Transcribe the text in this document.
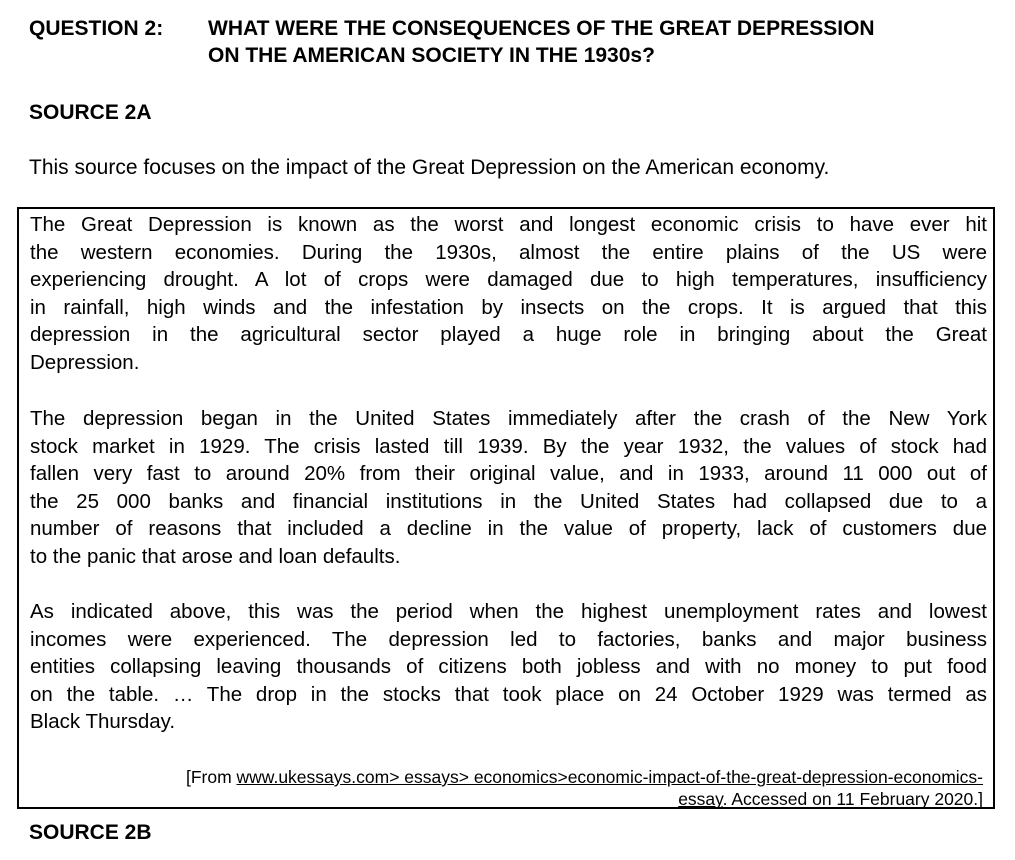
QUESTION 2: WHAT WERE THE CONSEQUENCES OF THE GREAT DEPRESSION
ON THE AMERICAN SOCIETY IN THE 1930s?
SOURCE 2A
This source focuses on the impact of the Great Depression on the American economy.
The Great Depression is known as the worst and longest economic crisis to have ever hit
the western economies. During the 1930s, almost the entire plains of the US were
experiencing drought. A lot of crops were damaged due to high temperatures, insufficiency
in rainfall, high winds and the infestation by insects on the crops. It is argued that this
depression in the agricultural sector played a huge role in bringing about the Great
Depression.
The depression began in the United States immediately after the crash of the New York
stock market in 1929. The crisis lasted till 1939. By the year 1932, the values of stock had
fallen very fast to around 20% from their original value, and in 1933, around 11 000 out of
the 25 000 banks and financial institutions in the United States had collapsed due to a
number of reasons that included a decline in the value of property, lack of customers due
to the panic that arose and loan defaults.
As indicated above, this was the period when the highest unemployment rates and lowest
incomes were experienced. The depression led to factories, banks and major business
entities collapsing leaving thousands of citizens both jobless and with no money to put food
on the table. … The drop in the stocks that took place on 24 October 1929 was termed as
Black Thursday.
[From www.ukessays.com> essays> economics>economic-impact-of-the-great-depression-economics-
essay. Accessed on 11 February 2020.]
SOURCE 2B
